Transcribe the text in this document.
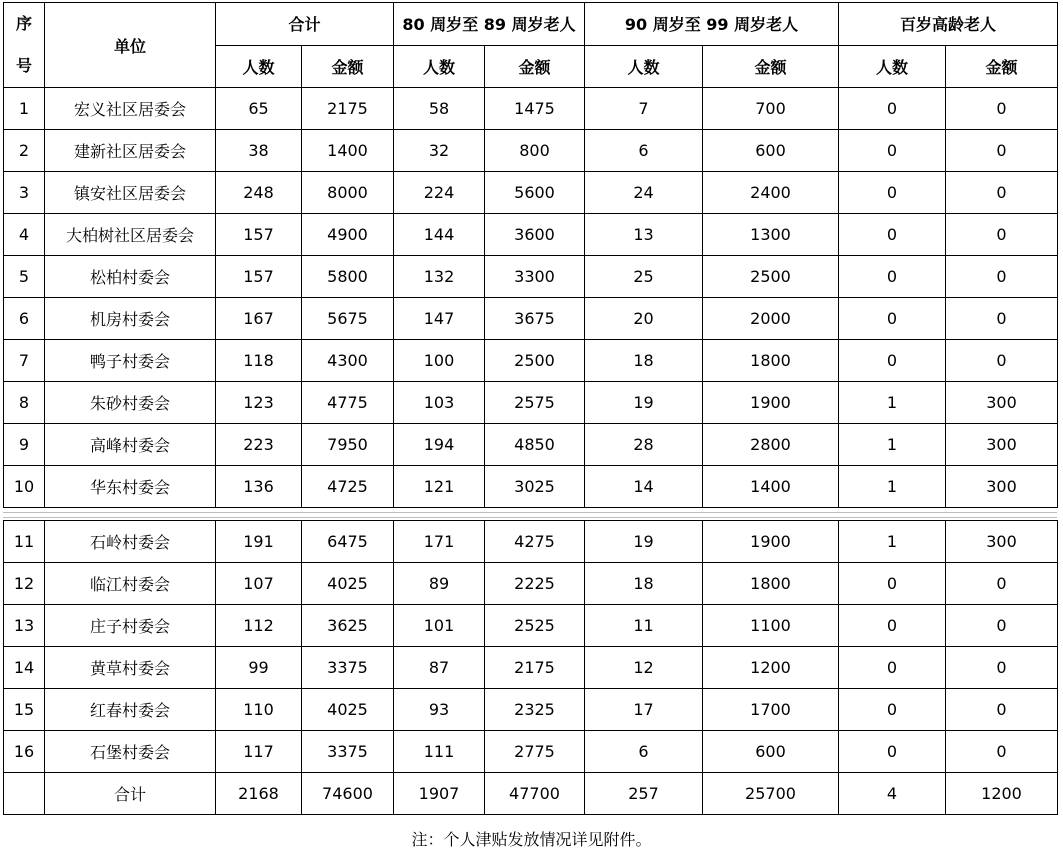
序
号	单位	合计		80 周岁至 89 周岁老人		90 周岁至 99 周岁老人		百岁高龄老人	
		人数	金额	人数	金额	人数	金额	人数	金额
1	宏义社区居委会	65	2175	58	1475	7	700	0	0
2	建新社区居委会	38	1400	32	800	6	600	0	0
3	镇安社区居委会	248	8000	224	5600	24	2400	0	0
4	大柏树社区居委会	157	4900	144	3600	13	1300	0	0
5	松柏村委会	157	5800	132	3300	25	2500	0	0
6	机房村委会	167	5675	147	3675	20	2000	0	0
7	鸭子村委会	118	4300	100	2500	18	1800	0	0
8	朱砂村委会	123	4775	103	2575	19	1900	1	300
9	高峰村委会	223	7950	194	4850	28	2800	1	300
10	华东村委会	136	4725	121	3025	14	1400	1	300
11	石岭村委会	191	6475	171	4275	19	1900	1	300
12	临江村委会	107	4025	89	2225	18	1800	0	0
13	庄子村委会	112	3625	101	2525	11	1100	0	0
14	黄草村委会	99	3375	87	2175	12	1200	0	0
15	红春村委会	110	4025	93	2325	17	1700	0	0
16	石堡村委会	117	3375	111	2775	6	600	0	0
	合计	2168	74600	1907	47700	257	25700	4	1200
注：个人津贴发放情况详见附件。
